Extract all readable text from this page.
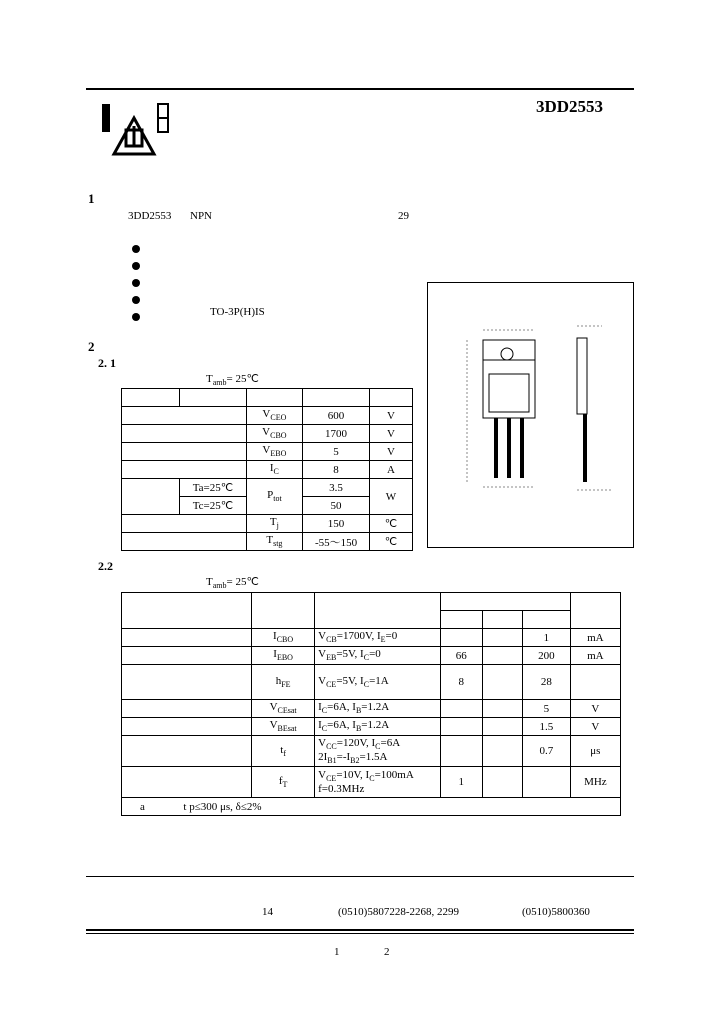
3DD2553
1
3DD2553 NPN	29
TO-3P(H)IS
2
2. 1
$T_{amb}=$ 25℃

		$V_{CEO}$	600	V
		$V_{CBO}$	1700	V
		$V_{EBO}$	5	V
		$I_C$	8	A
	Ta=25℃	$P_{tot}$	3.5	W
	Tc=25℃		50	
		$T_j$	150	℃
		$T_{stg}$	-55～150	℃
2.2
$T_{amb}=$ 25℃

	$I_{CBO}$	$V_{CB}=1700V$, $I_E=0$			1	mA
	$I_{EBO}$	$V_{EB}=5V$, $I_C=0$	66		200	mA
	$h_{FE}$	$V_{CE}=5V$, $I_C=1A$	8		28	
	$V_{CEsat}$	$I_C=6A$, $I_B=1.2A$			5	V
	$V_{BEsat}$	$I_C=6A$, $I_B=1.2A$			1.5	V
	$t_f$	$V_{CC}=120V$, $I_C=6A$
$2I_{B1}=-I_{B2}=1.5A$			0.7	μs
	$f_T$	$V_{CE}=10V$, $I_C=100mA$
f=0.3MHz	1			MHz
a t p≤300 μs, δ≤2%						
14	(0510)5807228-2268, 2299	(0510)5800360
1	2
